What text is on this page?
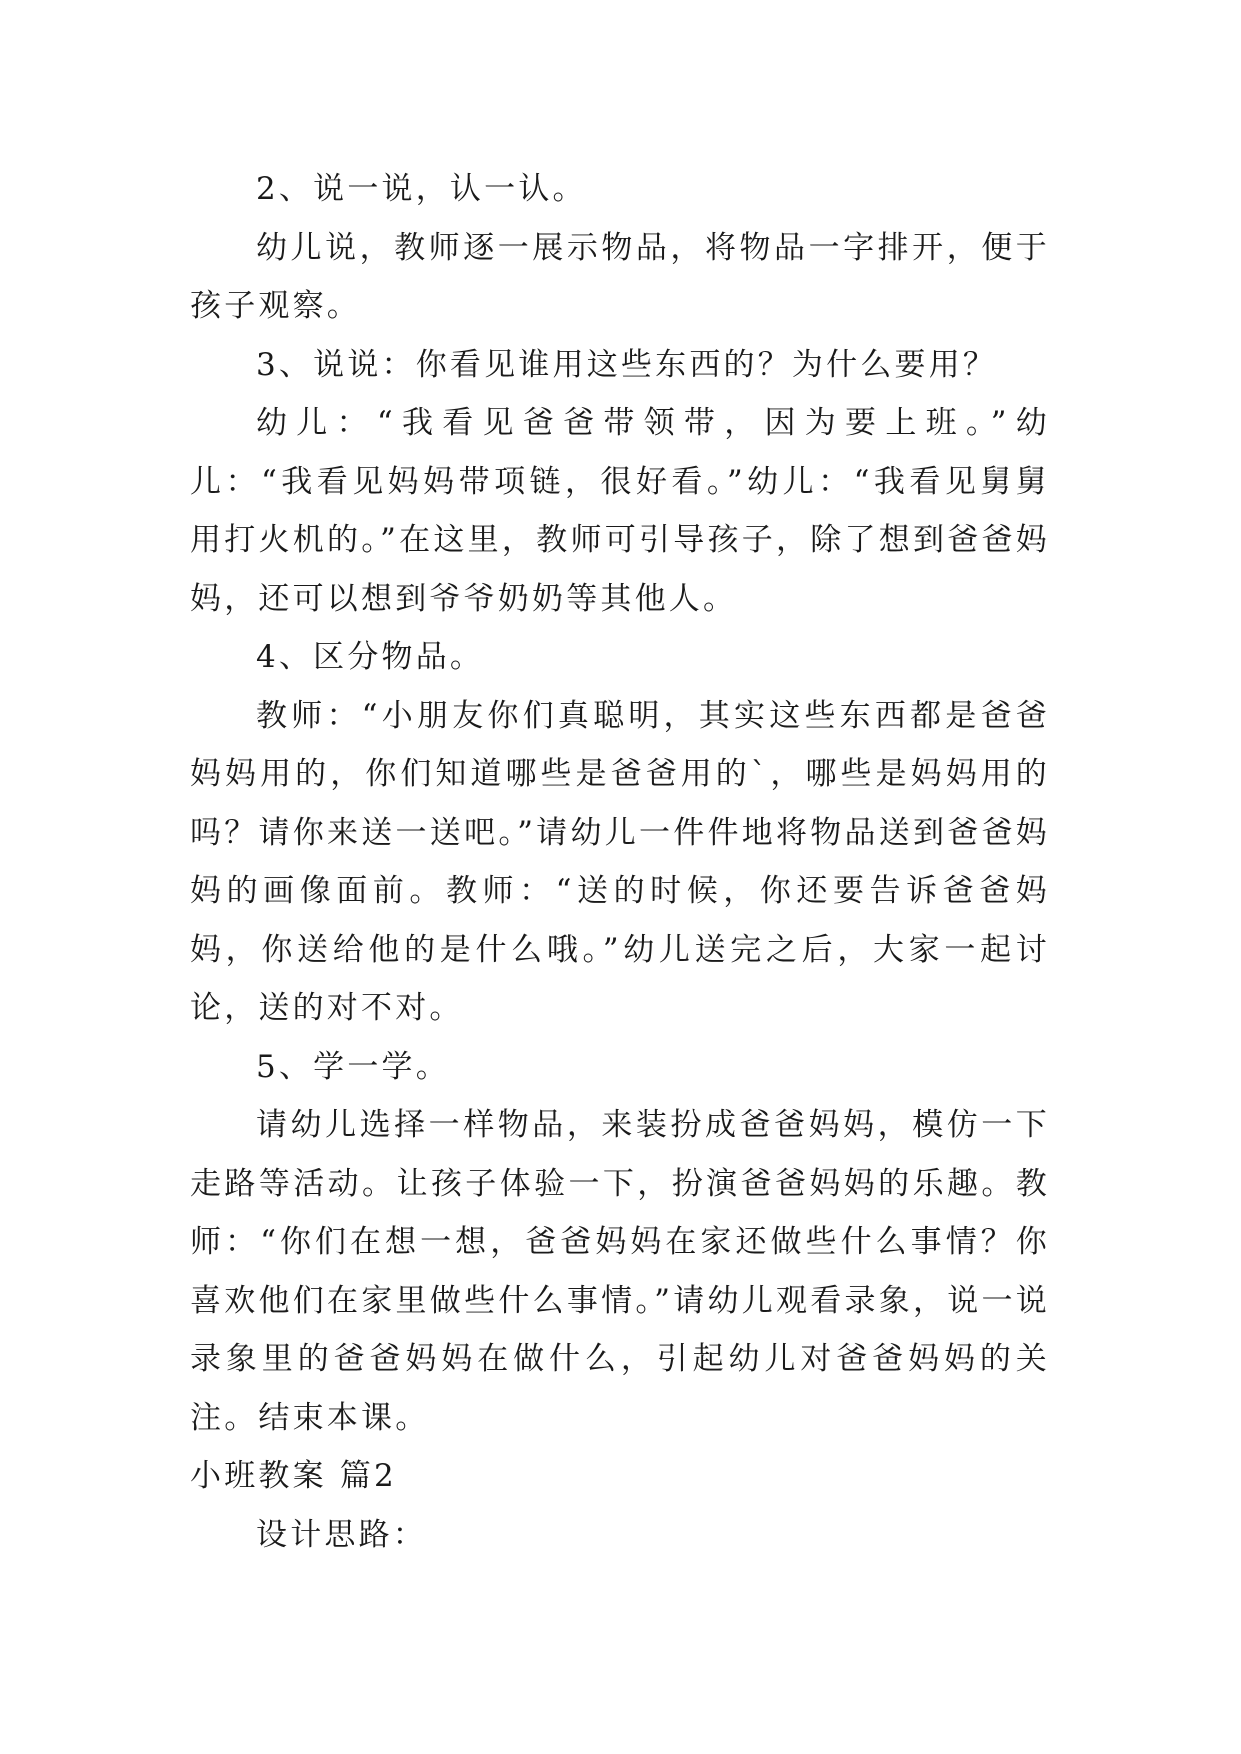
2、说一说，认一认。

幼儿说，教师逐一展示物品，将物品一字排开，便于孩子观察。

3、说说：你看见谁用这些东西的？为什么要用？

幼儿：“我看见爸爸带领带，因为要上班。”幼儿：“我看见妈妈带项链，很好看。”幼儿：“我看见舅舅用打火机的。”在这里，教师可引导孩子，除了想到爸爸妈妈，还可以想到爷爷奶奶等其他人。

4、区分物品。

教师：“小朋友你们真聪明，其实这些东西都是爸爸妈妈用的，你们知道哪些是爸爸用的`，哪些是妈妈用的吗？请你来送一送吧。”请幼儿一件件地将物品送到爸爸妈妈的画像面前。教师：“送的时候，你还要告诉爸爸妈妈，你送给他的是什么哦。”幼儿送完之后，大家一起讨论，送的对不对。

5、学一学。

请幼儿选择一样物品，来装扮成爸爸妈妈，模仿一下走路等活动。让孩子体验一下，扮演爸爸妈妈的乐趣。教师：“你们在想一想，爸爸妈妈在家还做些什么事情？你喜欢他们在家里做些什么事情。”请幼儿观看录象，说一说录象里的爸爸妈妈在做什么，引起幼儿对爸爸妈妈的关注。结束本课。

小班教案 篇2

设计思路：
